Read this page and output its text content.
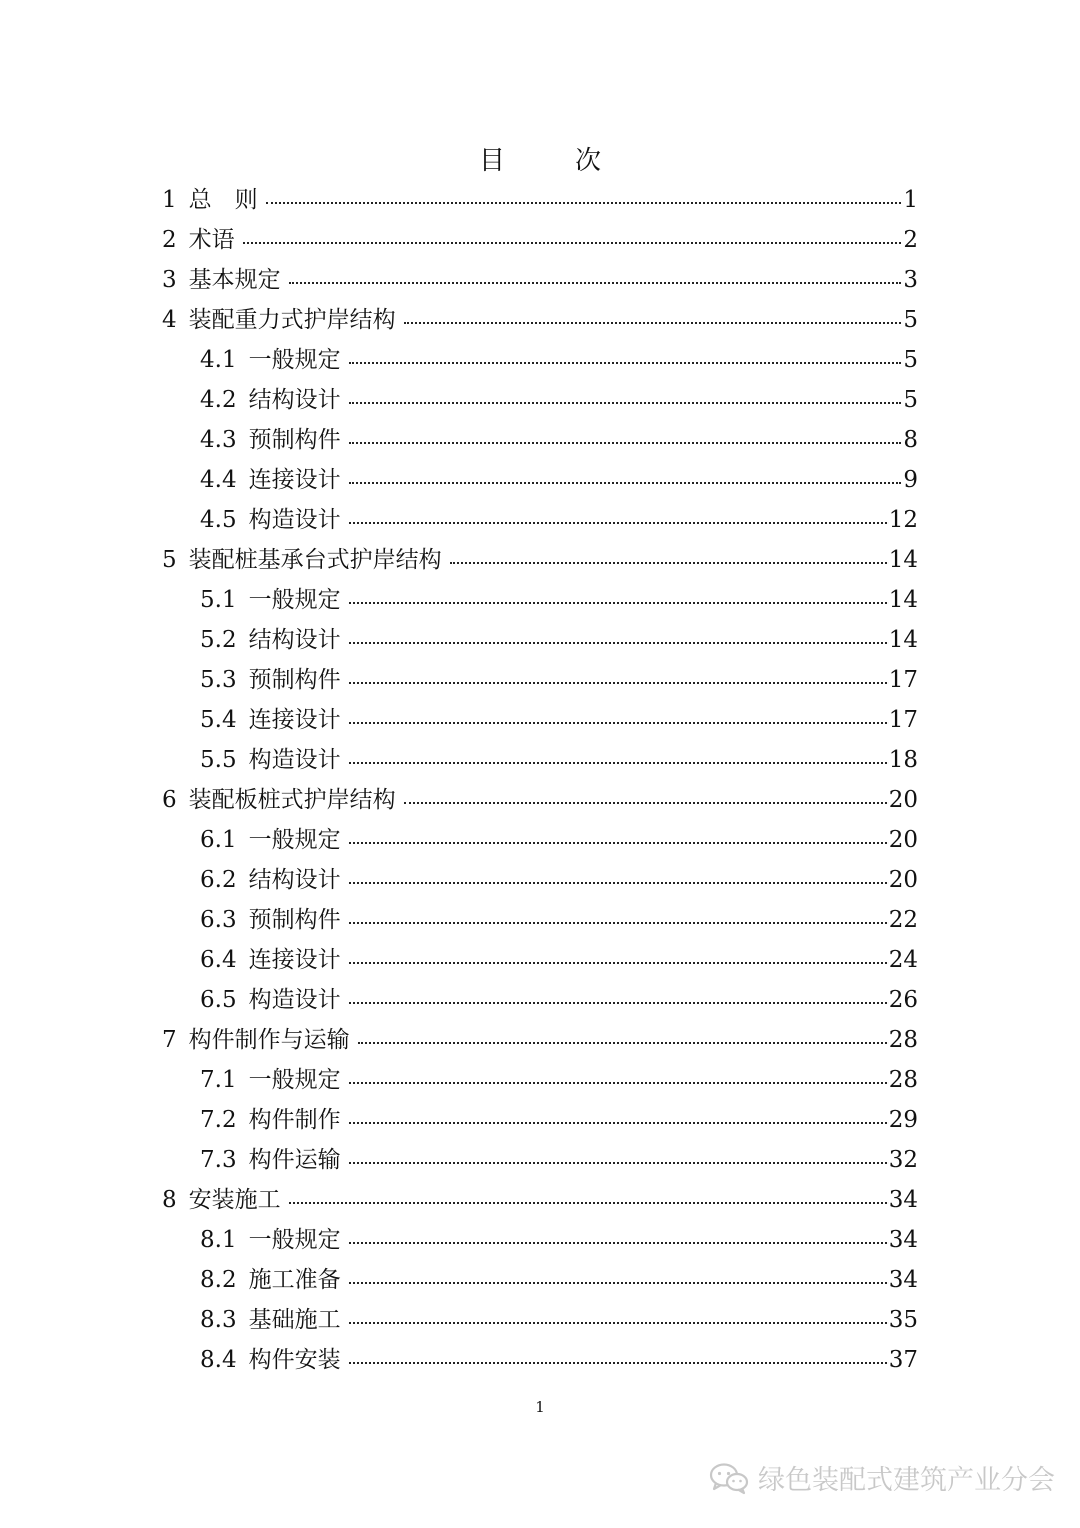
目　次
1 总　则	1
2 术语	2
3 基本规定	3
4 装配重力式护岸结构	5
4.1 一般规定	5
4.2 结构设计	5
4.3 预制构件	8
4.4 连接设计	9
4.5 构造设计	12
5 装配桩基承台式护岸结构	14
5.1 一般规定	14
5.2 结构设计	14
5.3 预制构件	17
5.4 连接设计	17
5.5 构造设计	18
6 装配板桩式护岸结构	20
6.1 一般规定	20
6.2 结构设计	20
6.3 预制构件	22
6.4 连接设计	24
6.5 构造设计	26
7 构件制作与运输	28
7.1 一般规定	28
7.2 构件制作	29
7.3 构件运输	32
8 安装施工	34
8.1 一般规定	34
8.2 施工准备	34
8.3 基础施工	35
8.4 构件安装	37
1
绿色装配式建筑产业分会
